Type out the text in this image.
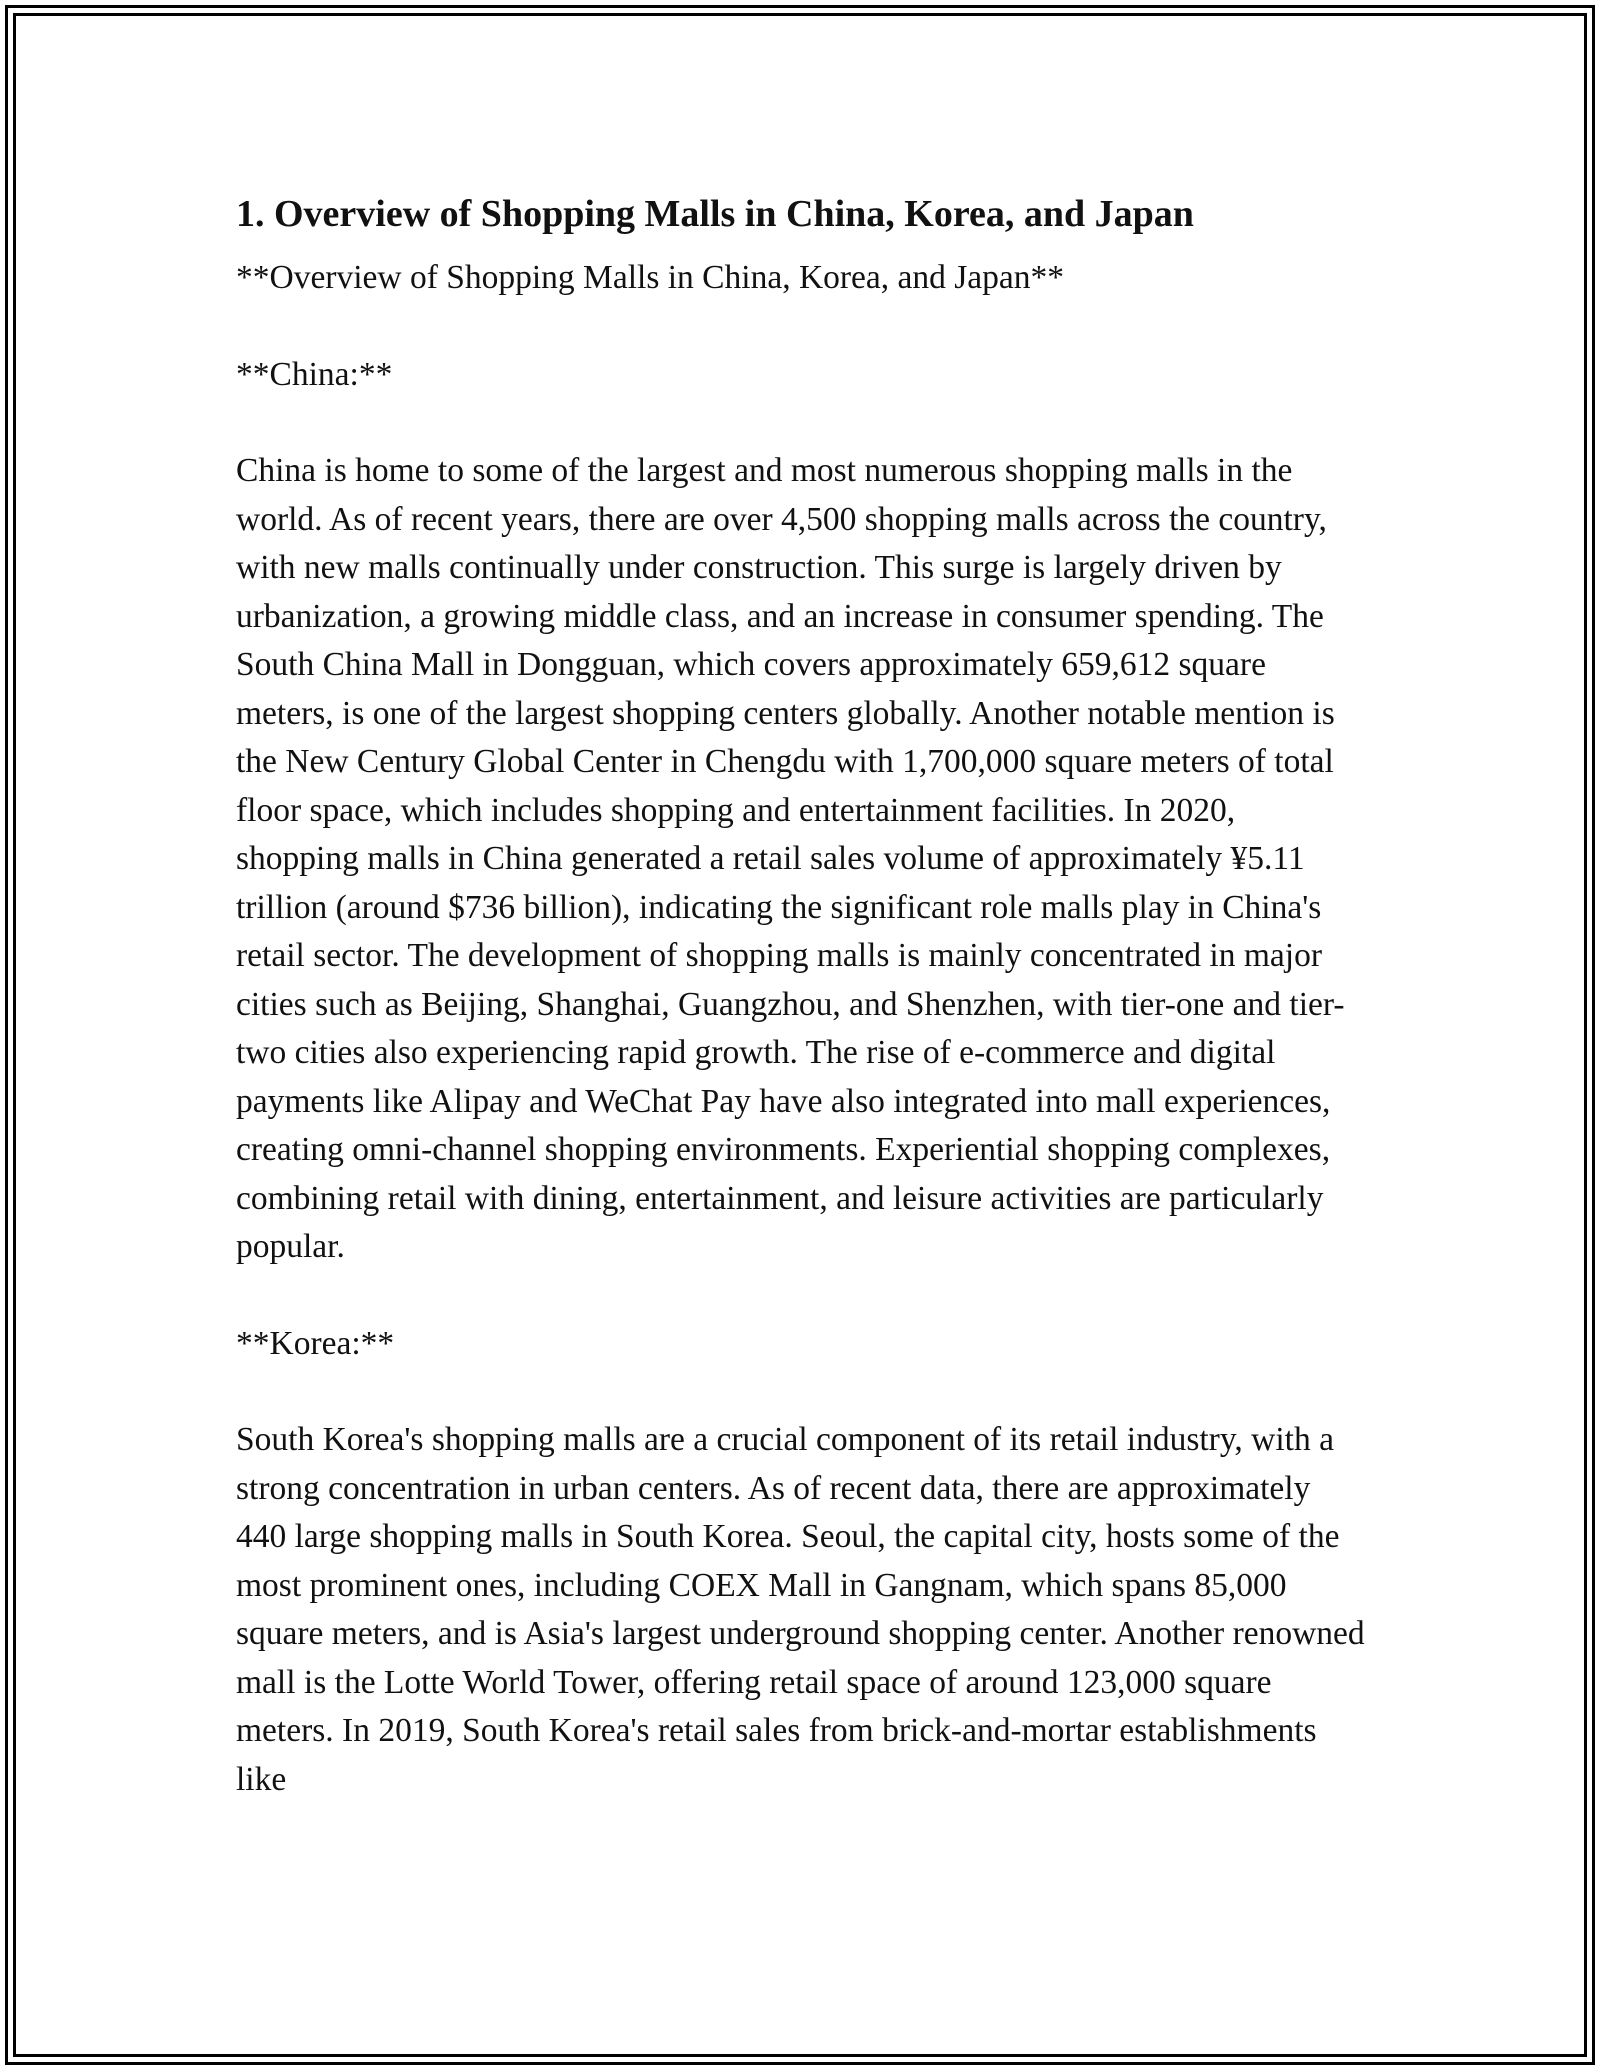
1. Overview of Shopping Malls in China, Korea, and Japan

**Overview of Shopping Malls in China, Korea, and Japan**

**China:**

China is home to some of the largest and most numerous shopping malls in the world. As of recent years, there are over 4,500 shopping malls across the country, with new malls continually under construction. This surge is largely driven by urbanization, a growing middle class, and an increase in consumer spending. The South China Mall in Dongguan, which covers approximately 659,612 square meters, is one of the largest shopping centers globally. Another notable mention is the New Century Global Center in Chengdu with 1,700,000 square meters of total floor space, which includes shopping and entertainment facilities. In 2020, shopping malls in China generated a retail sales volume of approximately ¥5.11 trillion (around $736 billion), indicating the significant role malls play in China's retail sector. The development of shopping malls is mainly concentrated in major cities such as Beijing, Shanghai, Guangzhou, and Shenzhen, with tier-one and tier-two cities also experiencing rapid growth. The rise of e-commerce and digital payments like Alipay and WeChat Pay have also integrated into mall experiences, creating omni-channel shopping environments. Experiential shopping complexes, combining retail with dining, entertainment, and leisure activities are particularly popular.

**Korea:**

South Korea's shopping malls are a crucial component of its retail industry, with a strong concentration in urban centers. As of recent data, there are approximately 440 large shopping malls in South Korea. Seoul, the capital city, hosts some of the most prominent ones, including COEX Mall in Gangnam, which spans 85,000 square meters, and is Asia's largest underground shopping center. Another renowned mall is the Lotte World Tower, offering retail space of around 123,000 square meters. In 2019, South Korea's retail sales from brick-and-mortar establishments like
